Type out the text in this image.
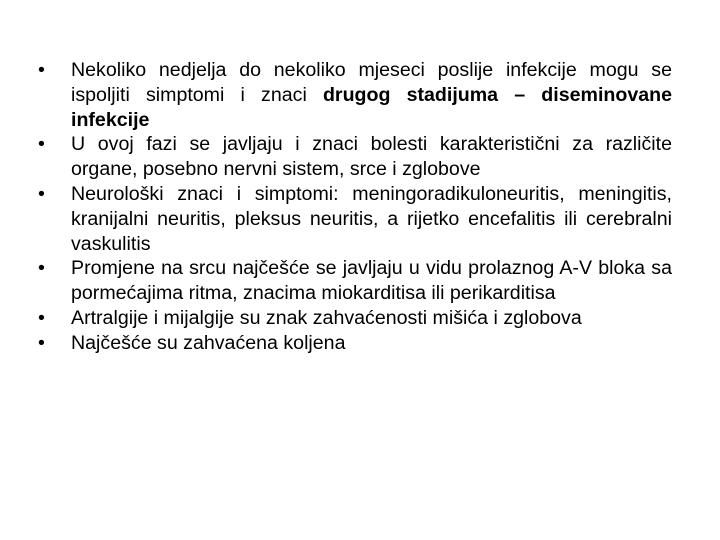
• Nekoliko nedjelja do nekoliko mjeseci poslije infekcije mogu se ispoljiti simptomi i znaci drugog stadijuma – diseminovane infekcije
• U ovoj fazi se javljaju i znaci bolesti karakteristični za različite organe, posebno nervni sistem, srce i zglobove
• Neurološki znaci i simptomi: meningoradikuloneuritis, meningitis, kranijalni neuritis, pleksus neuritis, a rijetko encefalitis ili cerebralni vaskulitis
• Promjene na srcu najčešće se javljaju u vidu prolaznog A-V bloka sa pormećajima ritma, znacima miokarditisa ili perikarditisa
• Artralgije i mijalgije su znak zahvaćenosti mišića i zglobova
• Najčešće su zahvaćena koljena
